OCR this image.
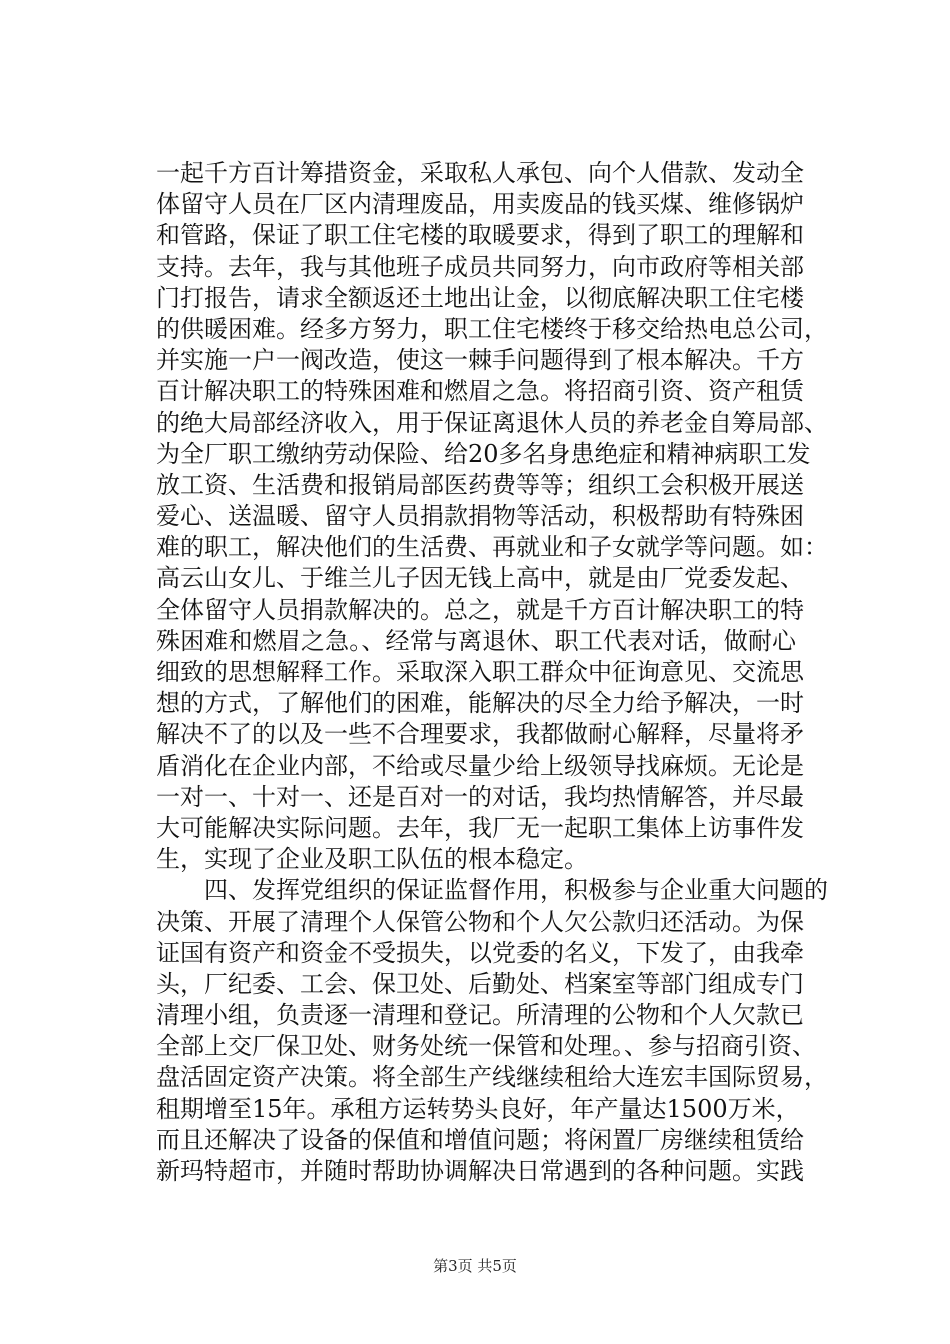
一起千方百计筹措资金，采取私人承包、向个人借款、发动全
体留守人员在厂区内清理废品，用卖废品的钱买煤、维修锅炉
和管路，保证了职工住宅楼的取暖要求，得到了职工的理解和
支持。去年，我与其他班子成员共同努力，向市政府等相关部
门打报告，请求全额返还土地出让金，以彻底解决职工住宅楼
的供暖困难。经多方努力，职工住宅楼终于移交给热电总公司，
并实施一户一阀改造，使这一棘手问题得到了根本解决。千方
百计解决职工的特殊困难和燃眉之急。将招商引资、资产租赁
的绝大局部经济收入，用于保证离退休人员的养老金自筹局部、
为全厂职工缴纳劳动保险、给20多名身患绝症和精神病职工发
放工资、生活费和报销局部医药费等等；组织工会积极开展送
爱心、送温暖、留守人员捐款捐物等活动，积极帮助有特殊困
难的职工，解决他们的生活费、再就业和子女就学等问题。如：
高云山女儿、于维兰儿子因无钱上高中，就是由厂党委发起、
全体留守人员捐款解决的。总之，就是千方百计解决职工的特
殊困难和燃眉之急。、经常与离退休、职工代表对话，做耐心
细致的思想解释工作。采取深入职工群众中征询意见、交流思
想的方式，了解他们的困难，能解决的尽全力给予解决，一时
解决不了的以及一些不合理要求，我都做耐心解释，尽量将矛
盾消化在企业内部，不给或尽量少给上级领导找麻烦。无论是
一对一、十对一、还是百对一的对话，我均热情解答，并尽最
大可能解决实际问题。去年，我厂无一起职工集体上访事件发
生，实现了企业及职工队伍的根本稳定。
　　四、发挥党组织的保证监督作用，积极参与企业重大问题的
决策、开展了清理个人保管公物和个人欠公款归还活动。为保
证国有资产和资金不受损失，以党委的名义，下发了，由我牵
头，厂纪委、工会、保卫处、后勤处、档案室等部门组成专门
清理小组，负责逐一清理和登记。所清理的公物和个人欠款已
全部上交厂保卫处、财务处统一保管和处理。、参与招商引资、
盘活固定资产决策。将全部生产线继续租给大连宏丰国际贸易，
租期增至15年。承租方运转势头良好，年产量达1500万米，
而且还解决了设备的保值和增值问题；将闲置厂房继续租赁给
新玛特超市，并随时帮助协调解决日常遇到的各种问题。实践
第3页 共5页
